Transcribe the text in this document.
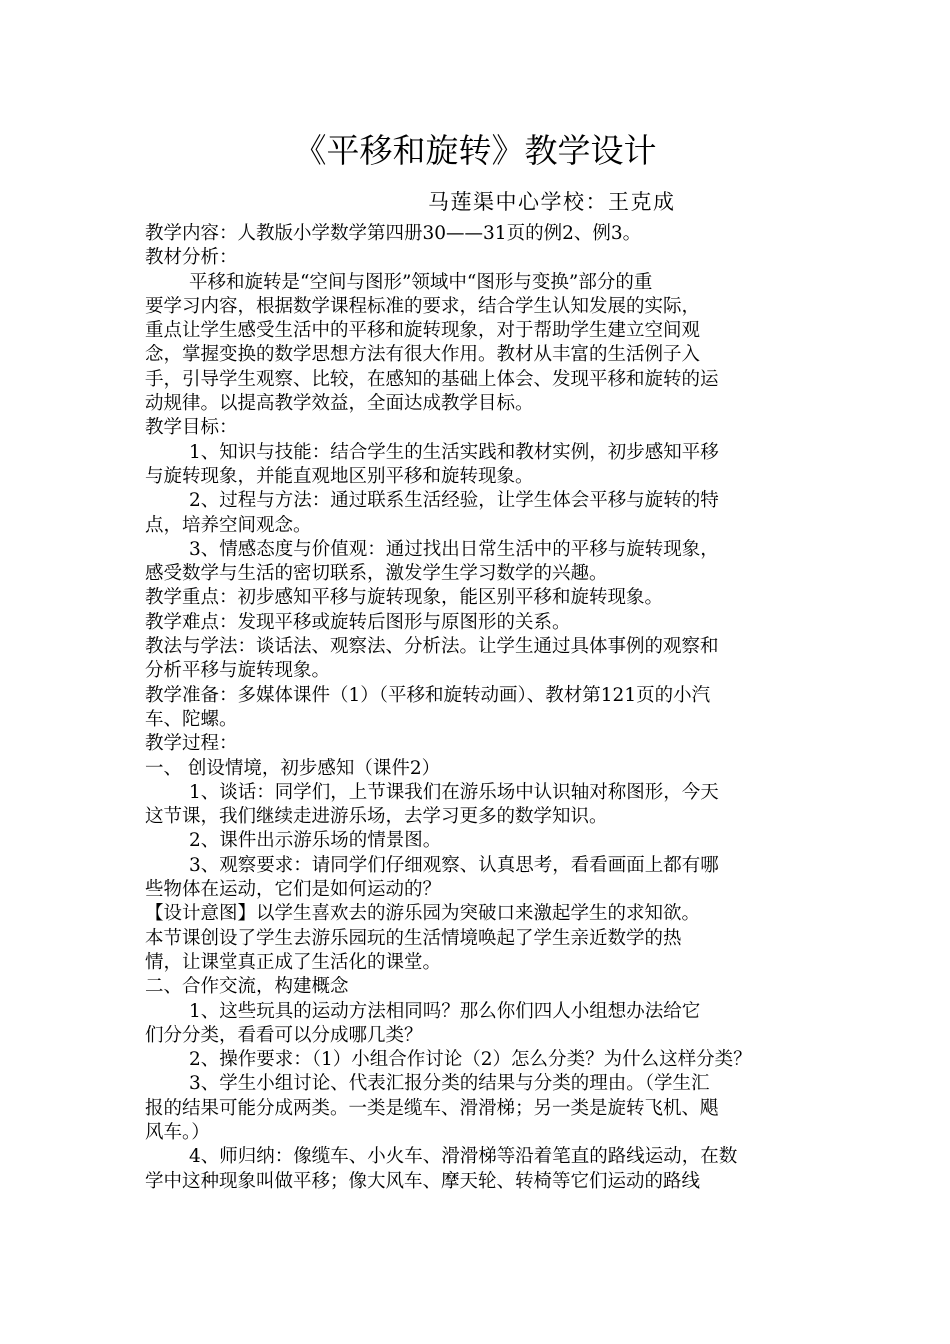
《平移和旋转》教学设计
马莲渠中心学校：王克成
教学内容：人教版小学数学第四册30——31页的例2、例3。
教材分析：
平移和旋转是“空间与图形”领域中“图形与变换”部分的重
要学习内容，根据数学课程标准的要求，结合学生认知发展的实际，
重点让学生感受生活中的平移和旋转现象，对于帮助学生建立空间观
念，掌握变换的数学思想方法有很大作用。教材从丰富的生活例子入
手，引导学生观察、比较，在感知的基础上体会、发现平移和旋转的运
动规律。以提高教学效益，全面达成教学目标。
教学目标：
1、知识与技能：结合学生的生活实践和教材实例，初步感知平移
与旋转现象，并能直观地区别平移和旋转现象。
2、过程与方法：通过联系生活经验，让学生体会平移与旋转的特
点，培养空间观念。
3、情感态度与价值观：通过找出日常生活中的平移与旋转现象，
感受数学与生活的密切联系，激发学生学习数学的兴趣。
教学重点：初步感知平移与旋转现象，能区别平移和旋转现象。
教学难点：发现平移或旋转后图形与原图形的关系。
教法与学法：谈话法、观察法、分析法。让学生通过具体事例的观察和
分析平移与旋转现象。
教学准备：多媒体课件（1）（平移和旋转动画）、教材第121页的小汽
车、陀螺。
教学过程：
一、 创设情境，初步感知（课件2）
1、谈话：同学们，上节课我们在游乐场中认识轴对称图形，今天
这节课，我们继续走进游乐场，去学习更多的数学知识。
2、课件出示游乐场的情景图。
3、观察要求：请同学们仔细观察、认真思考，看看画面上都有哪
些物体在运动，它们是如何运动的？
【设计意图】以学生喜欢去的游乐园为突破口来激起学生的求知欲。
本节课创设了学生去游乐园玩的生活情境唤起了学生亲近数学的热
情，让课堂真正成了生活化的课堂。
二、合作交流，构建概念
1、这些玩具的运动方法相同吗？那么你们四人小组想办法给它
们分分类，看看可以分成哪几类？
2、操作要求：（1）小组合作讨论（2）怎么分类？为什么这样分类？
3、学生小组讨论、代表汇报分类的结果与分类的理由。（学生汇
报的结果可能分成两类。一类是缆车、滑滑梯；另一类是旋转飞机、飓
风车。）
4、师归纳：像缆车、小火车、滑滑梯等沿着笔直的路线运动，在数
学中这种现象叫做平移；像大风车、摩天轮、转椅等它们运动的路线
